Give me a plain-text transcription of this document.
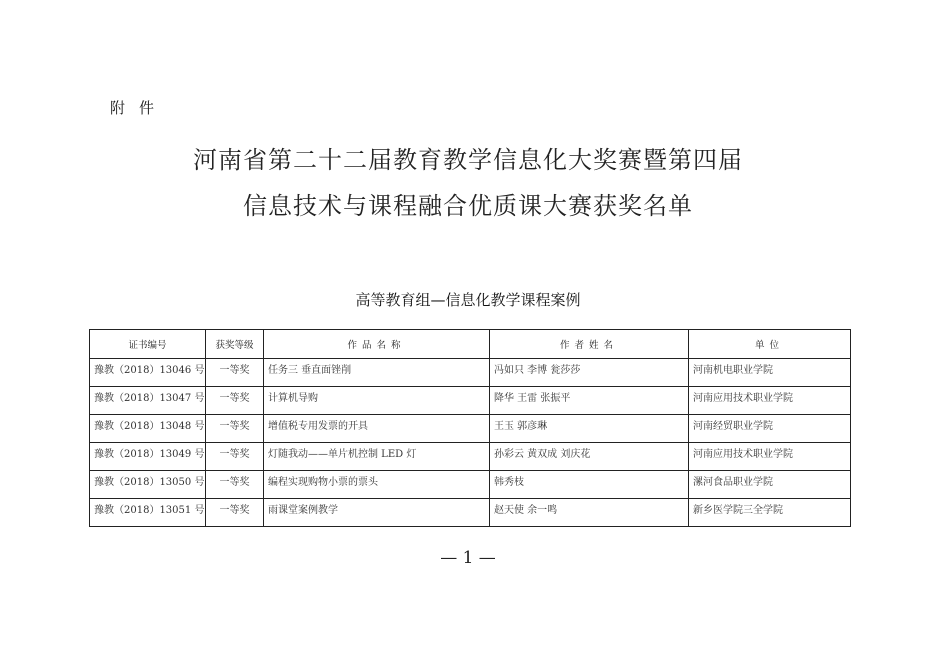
附件
河南省第二十二届教育教学信息化大奖赛暨第四届
信息技术与课程融合优质课大赛获奖名单
高等教育组—信息化教学课程案例
证书编号	获奖等级	作品名称	作者姓名	单位
豫教（2018）13046 号	一等奖	任务三 垂直面锉削	冯如只 李博 瓮莎莎	河南机电职业学院
豫教（2018）13047 号	一等奖	计算机导购	降华 王雷 张振平	河南应用技术职业学院
豫教（2018）13048 号	一等奖	增值税专用发票的开具	王玉 郭彦琳	河南经贸职业学院
豫教（2018）13049 号	一等奖	灯随我动——单片机控制 LED 灯	孙彩云 黄双成 刘庆花	河南应用技术职业学院
豫教（2018）13050 号	一等奖	编程实现购物小票的票头	韩秀枝	漯河食品职业学院
豫教（2018）13051 号	一等奖	雨课堂案例教学	赵天使 余一鸣	新乡医学院三全学院
— 1 —
